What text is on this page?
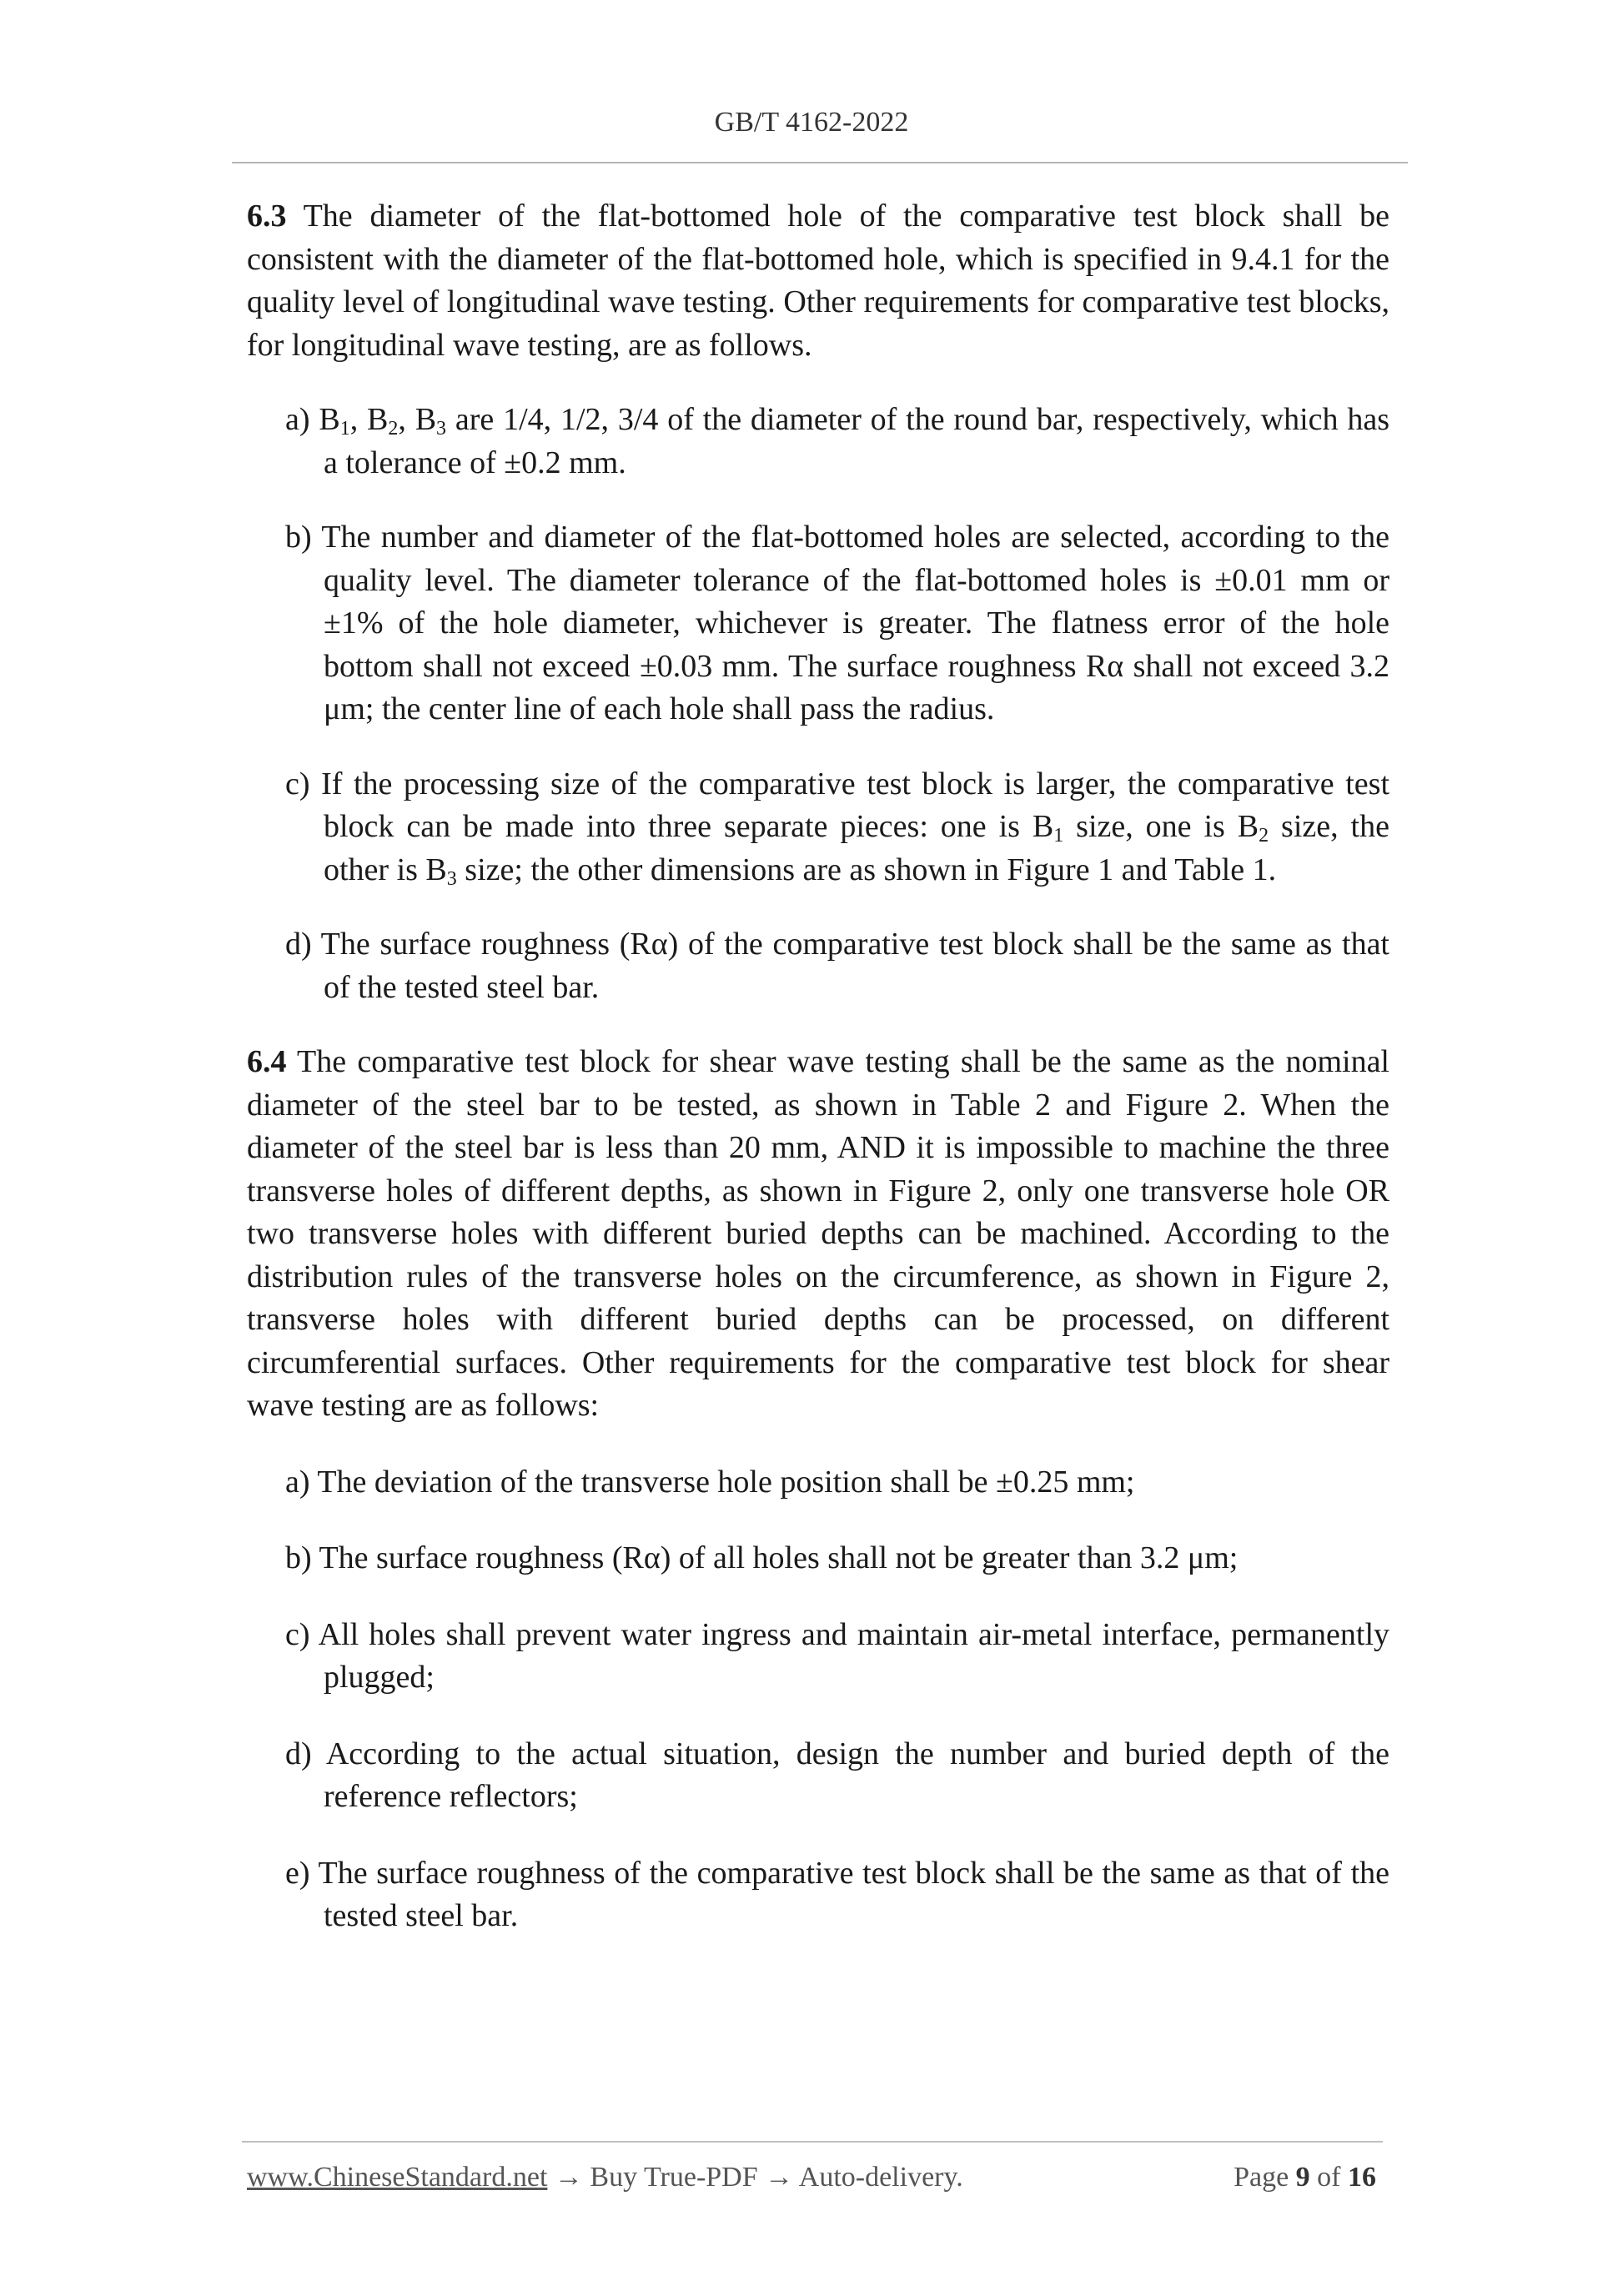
GB/T 4162-2022

6.3 The diameter of the flat-bottomed hole of the comparative test block shall be consistent with the diameter of the flat-bottomed hole, which is specified in 9.4.1 for the quality level of longitudinal wave testing. Other requirements for comparative test blocks, for longitudinal wave testing, are as follows.

a) $B_1$, $B_2$, $B_3$ are 1/4, 1/2, 3/4 of the diameter of the round bar, respectively, which has a tolerance of ±0.2 mm.

b) The number and diameter of the flat-bottomed holes are selected, according to the quality level. The diameter tolerance of the flat-bottomed holes is ±0.01 mm or ±1% of the hole diameter, whichever is greater. The flatness error of the hole bottom shall not exceed ±0.03 mm. The surface roughness Rα shall not exceed 3.2 μm; the center line of each hole shall pass the radius.

c) If the processing size of the comparative test block is larger, the comparative test block can be made into three separate pieces: one is $B_1$ size, one is $B_2$ size, the other is $B_3$ size; the other dimensions are as shown in Figure 1 and Table 1.

d) The surface roughness (Rα) of the comparative test block shall be the same as that of the tested steel bar.

6.4 The comparative test block for shear wave testing shall be the same as the nominal diameter of the steel bar to be tested, as shown in Table 2 and Figure 2. When the diameter of the steel bar is less than 20 mm, AND it is impossible to machine the three transverse holes of different depths, as shown in Figure 2, only one transverse hole OR two transverse holes with different buried depths can be machined. According to the distribution rules of the transverse holes on the circumference, as shown in Figure 2, transverse holes with different buried depths can be processed, on different circumferential surfaces. Other requirements for the comparative test block for shear wave testing are as follows:

a) The deviation of the transverse hole position shall be ±0.25 mm;

b) The surface roughness (Rα) of all holes shall not be greater than 3.2 μm;

c) All holes shall prevent water ingress and maintain air-metal interface, permanently plugged;

d) According to the actual situation, design the number and buried depth of the reference reflectors;

e) The surface roughness of the comparative test block shall be the same as that of the tested steel bar.

www.ChineseStandard.net → Buy True-PDF → Auto-delivery.	Page 9 of 16
